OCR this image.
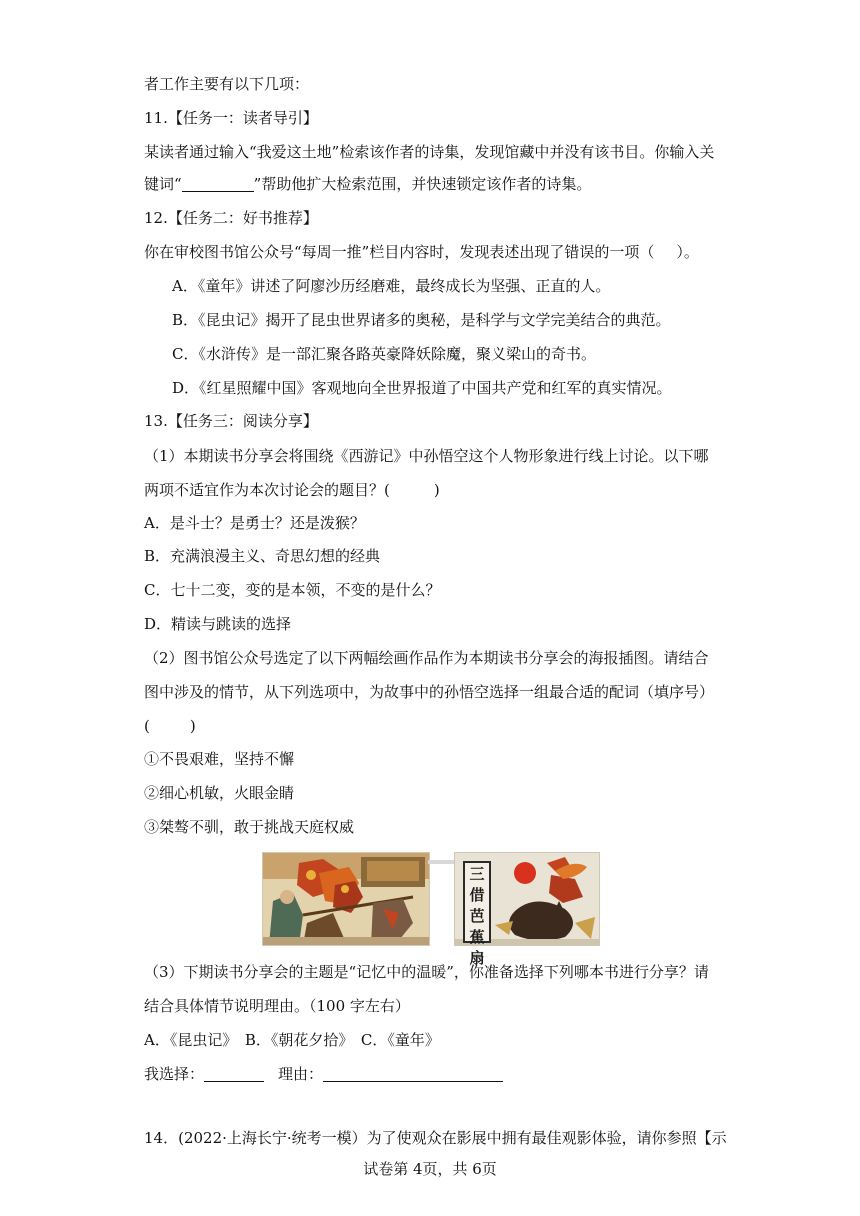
者工作主要有以下几项：
11.【任务一：读者导引】
某读者通过输入“我爱这土地”检索该作者的诗集，发现馆藏中并没有该书目。你输入关
键词“	”帮助他扩大检索范围，并快速锁定该作者的诗集。
12.【任务二：好书推荐】
你在审校图书馆公众号“每周一推”栏目内容时，发现表述出现了错误的一项（ ）。
A．《童年》讲述了阿廖沙历经磨难，最终成长为坚强、正直的人。
B．《昆虫记》揭开了昆虫世界诸多的奥秘，是科学与文学完美结合的典范。
C．《水浒传》是一部汇聚各路英豪降妖除魔，聚义梁山的奇书。
D．《红星照耀中国》客观地向全世界报道了中国共产党和红军的真实情况。
13.【任务三：阅读分享】
（1）本期读书分享会将围绕《西游记》中孙悟空这个人物形象进行线上讨论。以下哪
两项不适宜作为本次讨论会的题目？(	)
A．是斗士？是勇士？还是泼猴？
B．充满浪漫主义、奇思幻想的经典
C．七十二变，变的是本领，不变的是什么？
D．精读与跳读的选择
（2）图书馆公众号选定了以下两幅绘画作品作为本期读书分享会的海报插图。请结合
图中涉及的情节，从下列选项中，为故事中的孙悟空选择一组最合适的配词（填序号）
(	)
①不畏艰难，坚持不懈
②细心机敏，火眼金睛
③桀骜不驯，敢于挑战天庭权威
三
借
芭
蕉
扇
（3）下期读书分享会的主题是“记忆中的温暖”，你准备选择下列哪本书进行分享？请
结合具体情节说明理由。（100 字左右）
A．《昆虫记》　B．《朝花夕拾》　C．《童年》
我选择：	理由：
14．(2022·上海长宁·统考一模）为了使观众在影展中拥有最佳观影体验，请你参照【示
试卷第 4页，共 6页
